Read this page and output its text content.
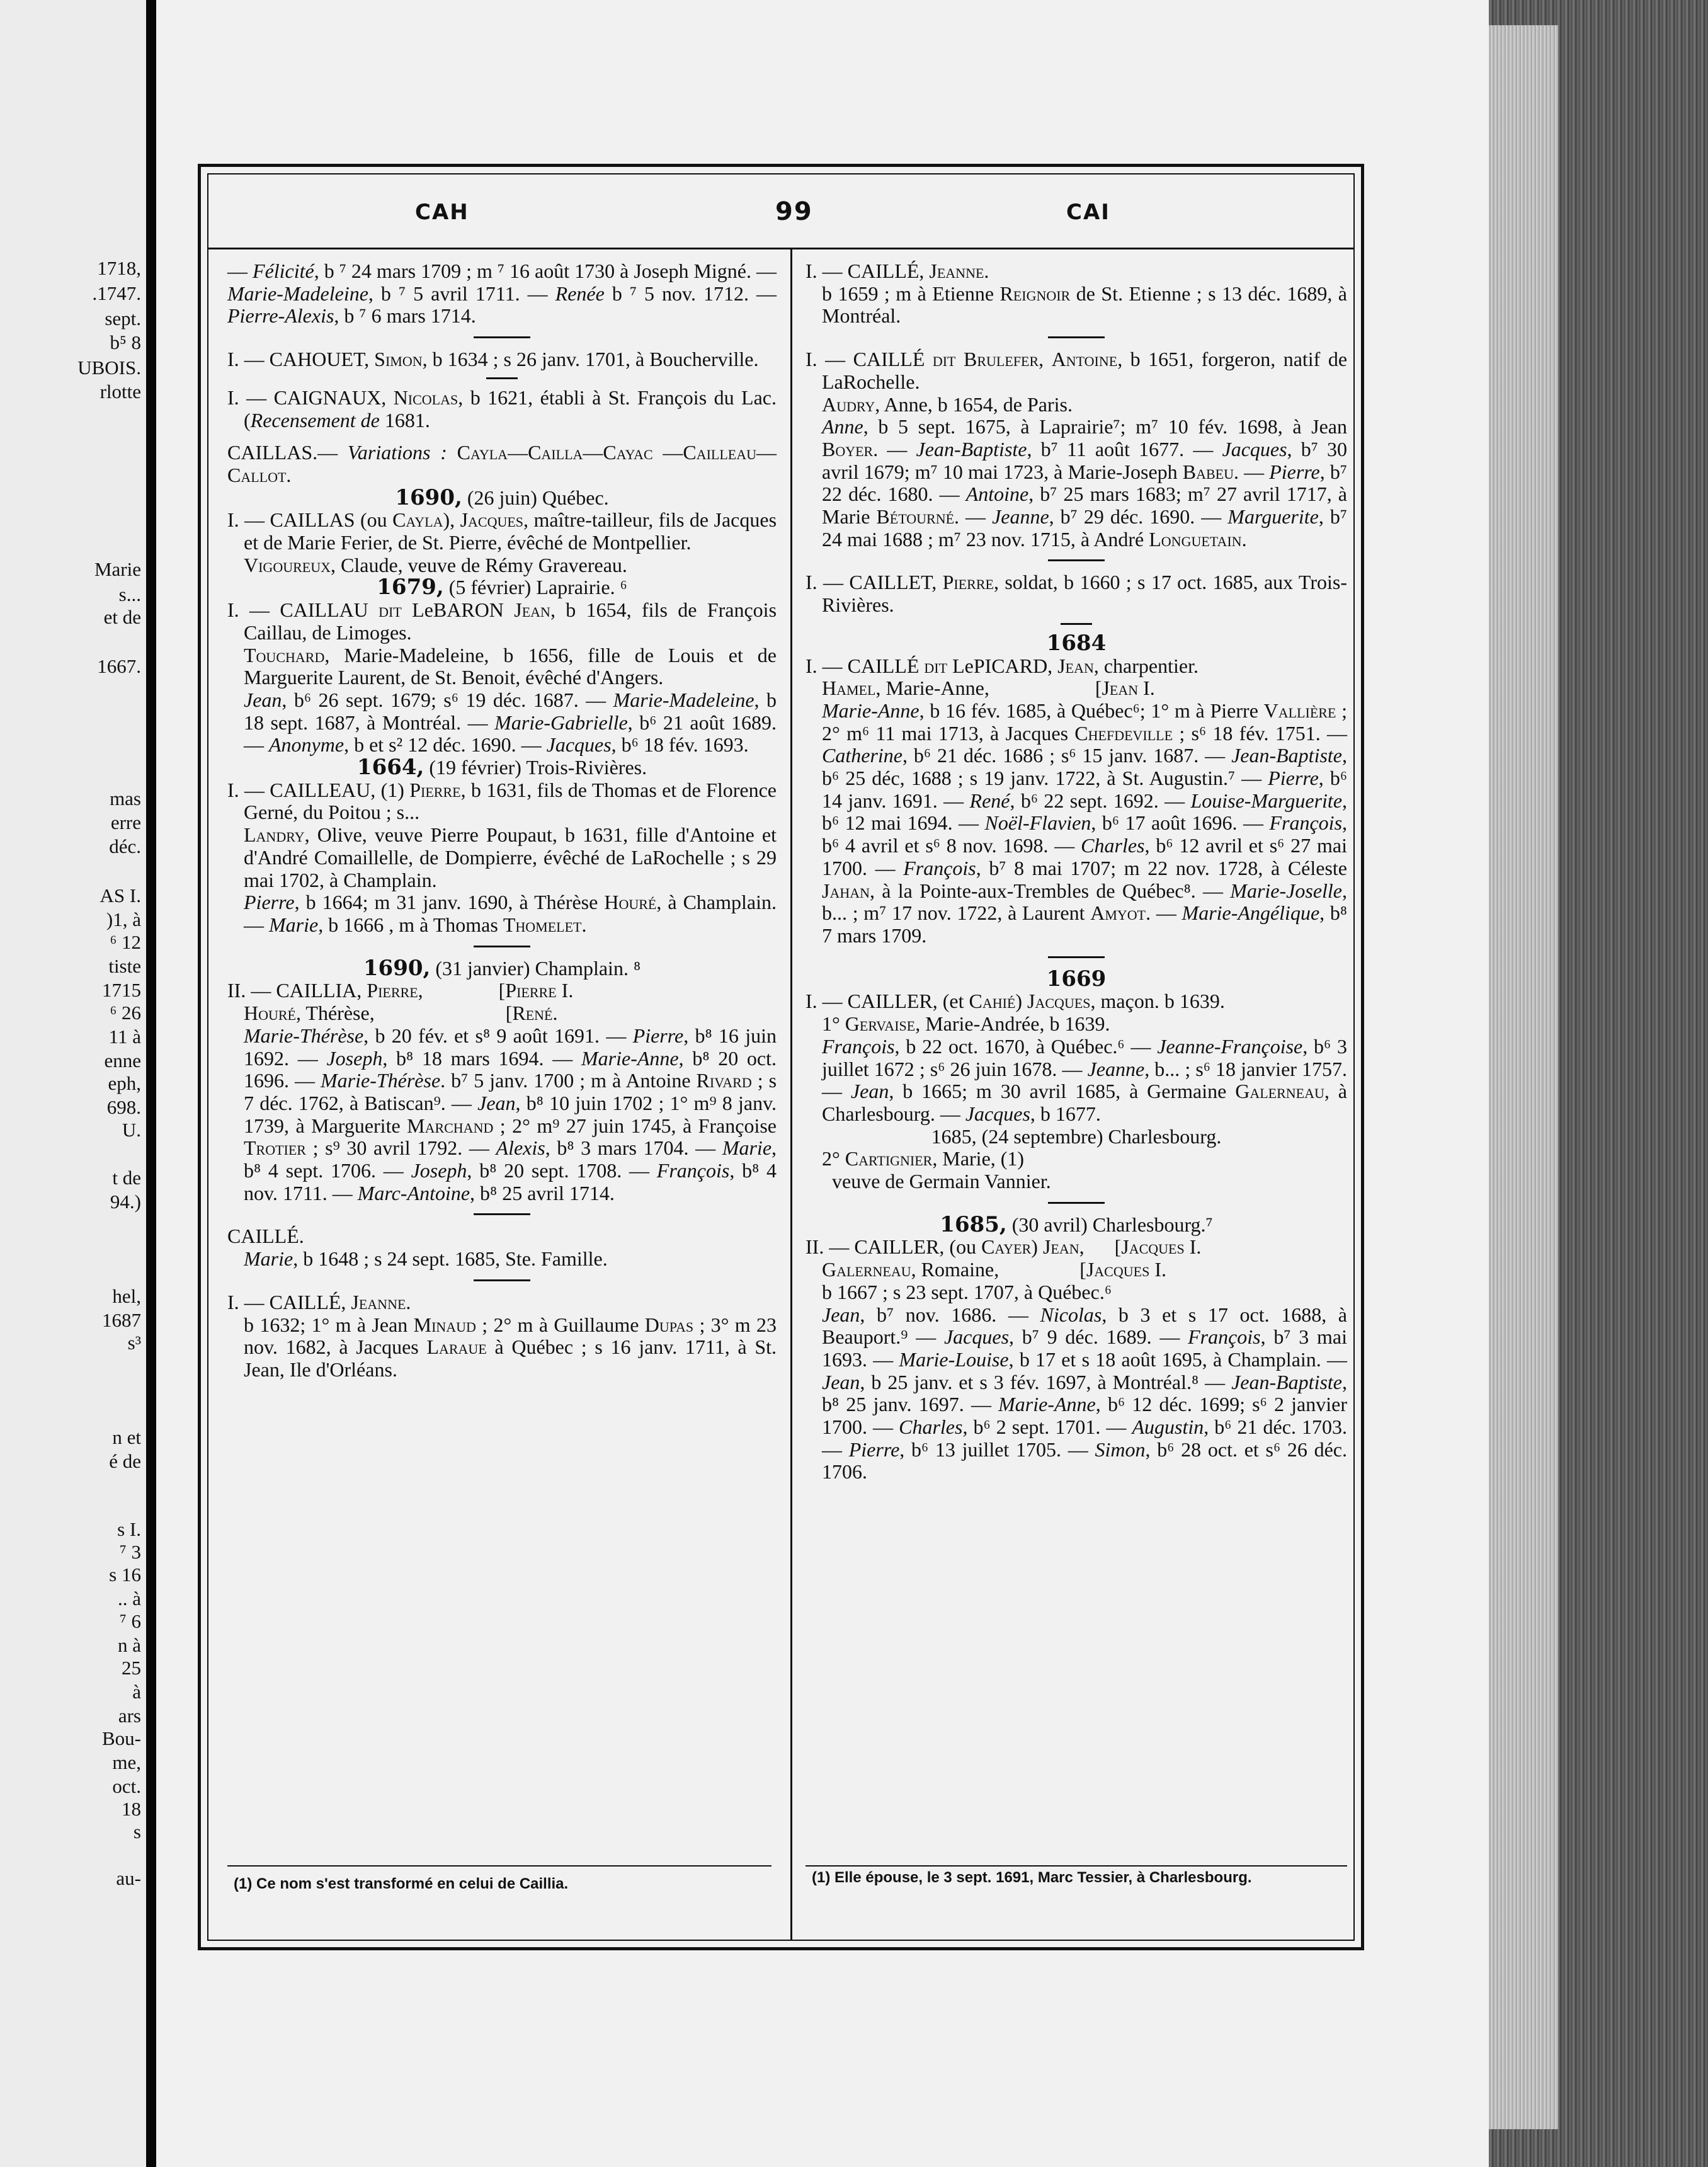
1718,
.1747.
sept.
b⁵ 8
UBOIS.
rlotte
Marie
s...
et de
1667.
mas
erre
déc.
AS I.
)1, à
⁶ 12
tiste
1715
⁶ 26
11 à
enne
eph,
698.
U.
t de
94.)
hel,
1687
s³
n et
é de
s I.
⁷ 3
s 16
.. à
⁷ 6
n à
25
à
ars
Bou-
me,
oct.
18
s
au-
CAH	99	CAI

— Félicité, b ⁷ 24 mars 1709 ; m ⁷ 16 août 1730 à Joseph Migné. — Marie-Madeleine, b ⁷ 5 avril 1711. — Renée b ⁷ 5 nov. 1712. — Pierre-Alexis, b ⁷ 6 mars 1714.

I. — CAHOUET, Simon, b 1634 ; s 26 janv. 1701, à Boucherville.

I. — CAIGNAUX, Nicolas, b 1621, établi à St. François du Lac. (Recensement de 1681.

CAILLAS.— Variations : Cayla—Cailla—Cayac —Cailleau—Callot.

1690, (26 juin) Québec.

I. — CAILLAS (ou Cayla), Jacques, maître-tailleur, fils de Jacques et de Marie Ferier, de St. Pierre, évêché de Montpellier.

Vigoureux, Claude, veuve de Rémy Gravereau.

1679, (5 février) Laprairie. ⁶

I. — CAILLAU dit LeBARON Jean, b 1654, fils de François Caillau, de Limoges.

Touchard, Marie-Madeleine, b 1656, fille de Louis et de Marguerite Laurent, de St. Benoit, évêché d'Angers.

Jean, b⁶ 26 sept. 1679; s⁶ 19 déc. 1687. — Marie-Madeleine, b 18 sept. 1687, à Montréal. — Marie-Gabrielle, b⁶ 21 août 1689. — Anonyme, b et s² 12 déc. 1690. — Jacques, b⁶ 18 fév. 1693.

1664, (19 février) Trois-Rivières.

I. — CAILLEAU, (1) Pierre, b 1631, fils de Thomas et de Florence Gerné, du Poitou ; s...

Landry, Olive, veuve Pierre Poupaut, b 1631, fille d'Antoine et d'André Comaillelle, de Dompierre, évêché de LaRochelle ; s 29 mai 1702, à Champlain.

Pierre, b 1664; m 31 janv. 1690, à Thérèse Houré, à Champlain. — Marie, b 1666 , m à Thomas Thomelet.

1690, (31 janvier) Champlain. ⁸

II. — CAILLIA, Pierre,               [Pierre I.

Houré, Thérèse,                          [René.

Marie-Thérèse, b 20 fév. et s⁸ 9 août 1691. — Pierre, b⁸ 16 juin 1692. — Joseph, b⁸ 18 mars 1694. — Marie-Anne, b⁸ 20 oct. 1696. — Marie-Thérèse. b⁷ 5 janv. 1700 ; m à Antoine Rivard ; s 7 déc. 1762, à Batiscan⁹. — Jean, b⁸ 10 juin 1702 ; 1° m⁹ 8 janv. 1739, à Marguerite Marchand ; 2° m⁹ 27 juin 1745, à Françoise Trotier ; s⁹ 30 avril 1792. — Alexis, b⁸ 3 mars 1704. — Marie, b⁸ 4 sept. 1706. — Joseph, b⁸ 20 sept. 1708. — François, b⁸ 4 nov. 1711. — Marc-Antoine, b⁸ 25 avril 1714.

CAILLÉ.

Marie, b 1648 ; s 24 sept. 1685, Ste. Famille.

I. — CAILLÉ, Jeanne.

b 1632; 1° m à Jean Minaud ; 2° m à Guillaume Dupas ; 3° m 23 nov. 1682, à Jacques Laraue à Québec ; s 16 janv. 1711, à St. Jean, Ile d'Orléans.

I. — CAILLÉ, Jeanne.

b 1659 ; m à Etienne Reignoir de St. Etienne ; s 13 déc. 1689, à Montréal.

I. — CAILLÉ dit Brulefer, Antoine, b 1651, forgeron, natif de LaRochelle.

Audry, Anne, b 1654, de Paris.

Anne, b 5 sept. 1675, à Laprairie⁷; m⁷ 10 fév. 1698, à Jean Boyer. — Jean-Baptiste, b⁷ 11 août 1677. — Jacques, b⁷ 30 avril 1679; m⁷ 10 mai 1723, à Marie-Joseph Babeu. — Pierre, b⁷ 22 déc. 1680. — Antoine, b⁷ 25 mars 1683; m⁷ 27 avril 1717, à Marie Bétourné. — Jeanne, b⁷ 29 déc. 1690. — Marguerite, b⁷ 24 mai 1688 ; m⁷ 23 nov. 1715, à André Longuetain.

I. — CAILLET, Pierre, soldat, b 1660 ; s 17 oct. 1685, aux Trois-Rivières.

1684

I. — CAILLÉ dit LePICARD, Jean, charpentier.

Hamel, Marie-Anne,                     [Jean I.

Marie-Anne, b 16 fév. 1685, à Québec⁶; 1° m à Pierre Vallière ; 2° m⁶ 11 mai 1713, à Jacques Chefdeville ; s⁶ 18 fév. 1751. — Catherine, b⁶ 21 déc. 1686 ; s⁶ 15 janv. 1687. — Jean-Baptiste, b⁶ 25 déc, 1688 ; s 19 janv. 1722, à St. Augustin.⁷ — Pierre, b⁶ 14 janv. 1691. — René, b⁶ 22 sept. 1692. — Louise-Marguerite, b⁶ 12 mai 1694. — Noël-Flavien, b⁶ 17 août 1696. — François, b⁶ 4 avril et s⁶ 8 nov. 1698. — Charles, b⁶ 12 avril et s⁶ 27 mai 1700. — François, b⁷ 8 mai 1707; m 22 nov. 1728, à Céleste Jahan, à la Pointe-aux-Trembles de Québec⁸. — Marie-Joselle, b... ; m⁷ 17 nov. 1722, à Laurent Amyot. — Marie-Angélique, b⁸ 7 mars 1709.

1669

I. — CAILLER, (et Cahié) Jacques, maçon. b 1639.

1° Gervaise, Marie-Andrée, b 1639.

François, b 22 oct. 1670, à Québec.⁶ — Jeanne-Françoise, b⁶ 3 juillet 1672 ; s⁶ 26 juin 1678. — Jeanne, b... ; s⁶ 18 janvier 1757. — Jean, b 1665; m 30 avril 1685, à Germaine Galerneau, à Charlesbourg. — Jacques, b 1677.

1685, (24 septembre) Charlesbourg.

2° Cartignier, Marie, (1)

veuve de Germain Vannier.

1685, (30 avril) Charlesbourg.⁷

II. — CAILLER, (ou Cayer) Jean,      [Jacques I.

Galerneau, Romaine,                [Jacques I.

b 1667 ; s 23 sept. 1707, à Québec.⁶

Jean, b⁷ nov. 1686. — Nicolas, b 3 et s 17 oct. 1688, à Beauport.⁹ — Jacques, b⁷ 9 déc. 1689. — François, b⁷ 3 mai 1693. — Marie-Louise, b 17 et s 18 août 1695, à Champlain. — Jean, b 25 janv. et s 3 fév. 1697, à Montréal.⁸ — Jean-Baptiste, b⁸ 25 janv. 1697. — Marie-Anne, b⁶ 12 déc. 1699; s⁶ 2 janvier 1700. — Charles, b⁶ 2 sept. 1701. — Augustin, b⁶ 21 déc. 1703. — Pierre, b⁶ 13 juillet 1705. — Simon, b⁶ 28 oct. et s⁶ 26 déc. 1706.

(1) Ce nom s'est transformé en celui de Caillia.	(1) Elle épouse, le 3 sept. 1691, Marc Tessier, à Charlesbourg.
